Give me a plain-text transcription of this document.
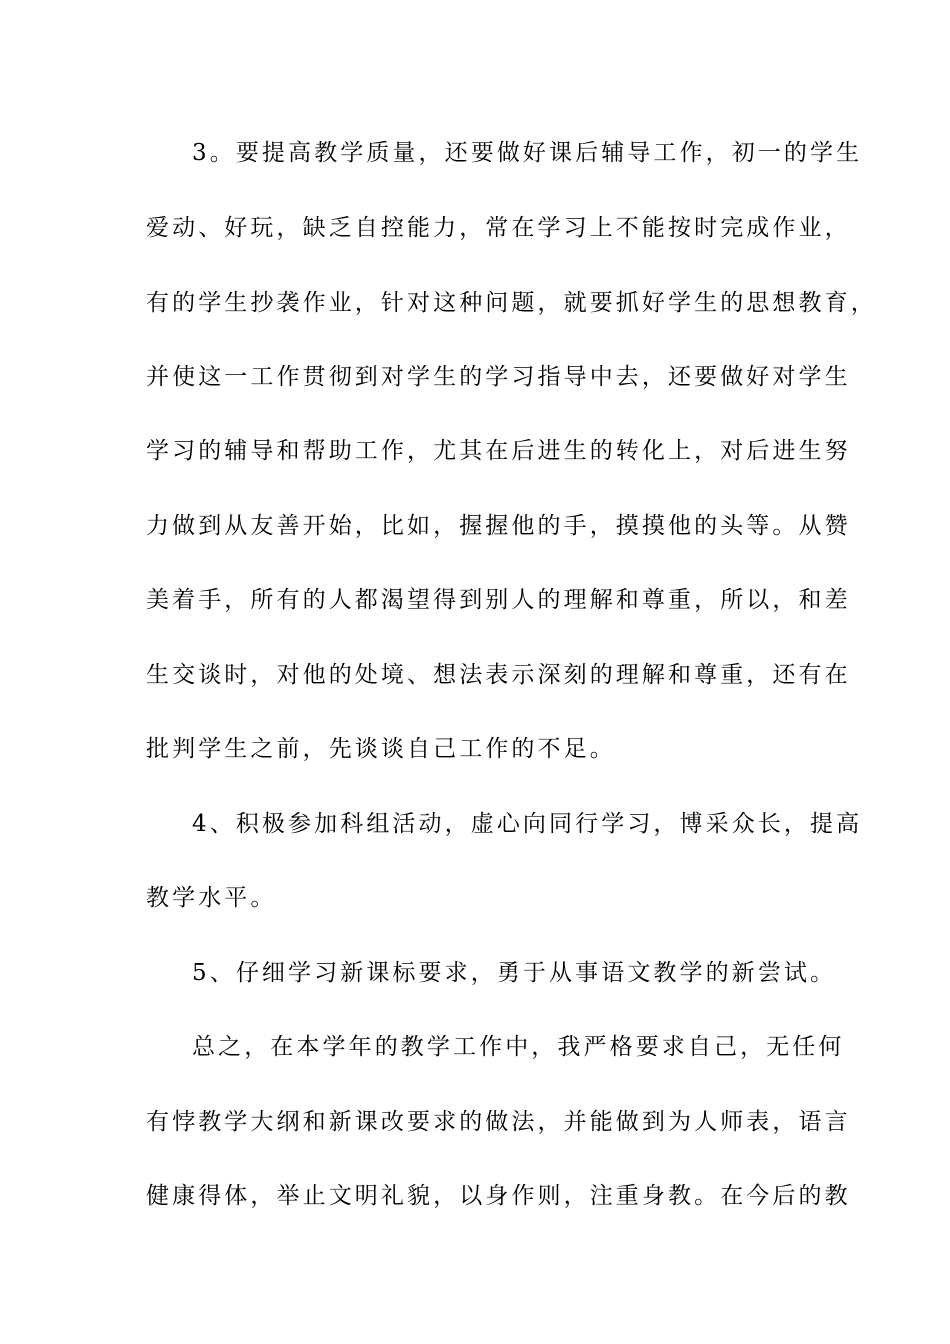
3。要提高教学质量，还要做好课后辅导工作，初一的学生
爱动、好玩，缺乏自控能力，常在学习上不能按时完成作业，
有的学生抄袭作业，针对这种问题，就要抓好学生的思想教育，
并使这一工作贯彻到对学生的学习指导中去，还要做好对学生
学习的辅导和帮助工作，尤其在后进生的转化上，对后进生努
力做到从友善开始，比如，握握他的手，摸摸他的头等。从赞
美着手，所有的人都渴望得到别人的理解和尊重，所以，和差
生交谈时，对他的处境、想法表示深刻的理解和尊重，还有在
批判学生之前，先谈谈自己工作的不足。
4、积极参加科组活动，虚心向同行学习，博采众长，提高
教学水平。
5、仔细学习新课标要求，勇于从事语文教学的新尝试。
总之，在本学年的教学工作中，我严格要求自己，无任何
有悖教学大纲和新课改要求的做法，并能做到为人师表，语言
健康得体，举止文明礼貌，以身作则，注重身教。在今后的教
